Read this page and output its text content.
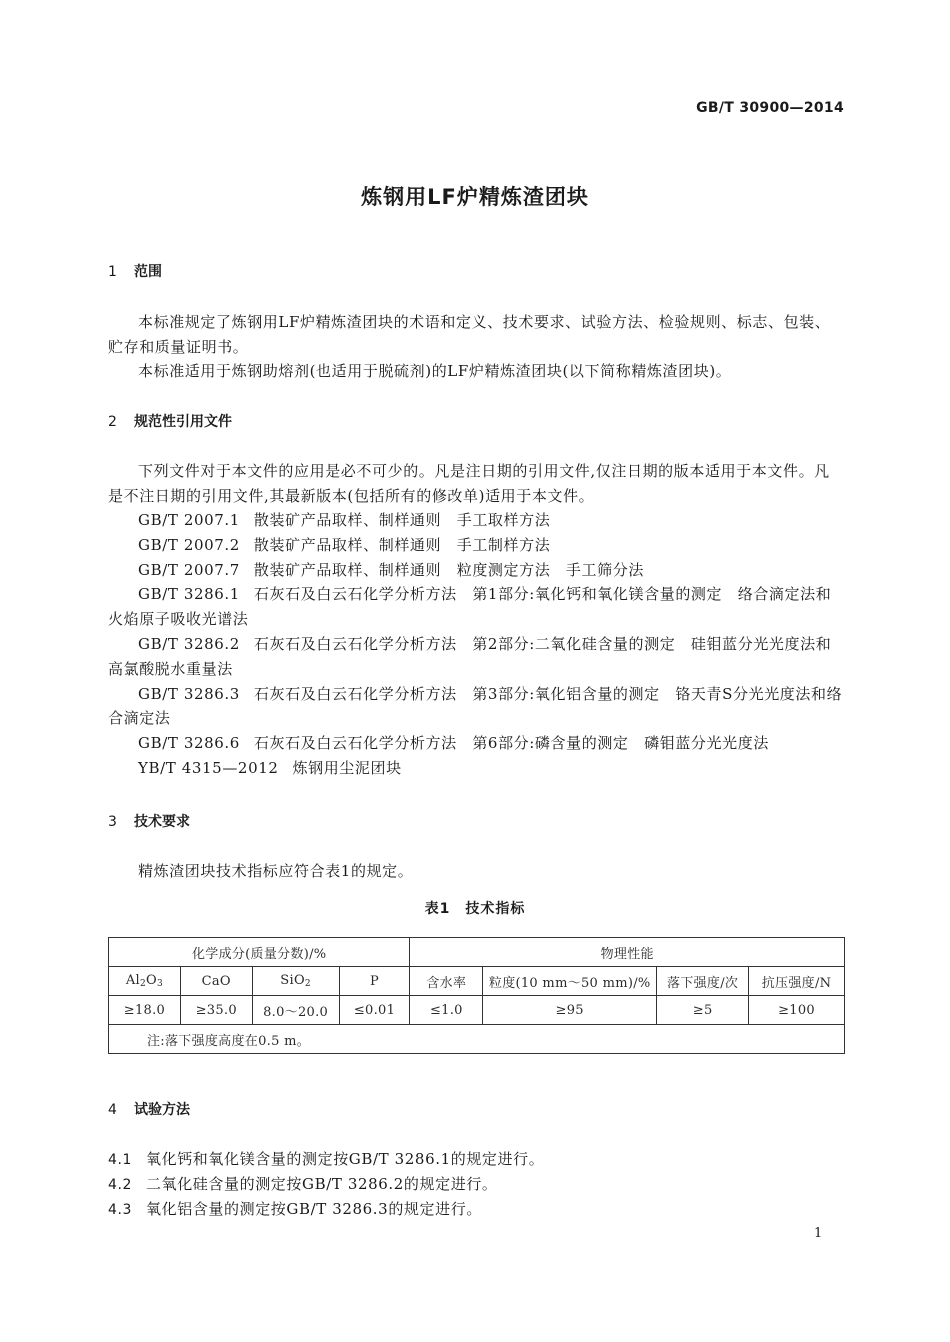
GB/T 30900—2014
炼钢用LF炉精炼渣团块
1 范围

本标准规定了炼钢用LF炉精炼渣团块的术语和定义、技术要求、试验方法、检验规则、标志、包装、贮存和质量证明书。

本标准适用于炼钢助熔剂(也适用于脱硫剂)的LF炉精炼渣团块(以下简称精炼渣团块)。

2 规范性引用文件

下列文件对于本文件的应用是必不可少的。凡是注日期的引用文件,仅注日期的版本适用于本文件。凡是不注日期的引用文件,其最新版本(包括所有的修改单)适用于本文件。

GB/T 2007.1 散装矿产品取样、制样通则　手工取样方法
GB/T 2007.2 散装矿产品取样、制样通则　手工制样方法
GB/T 2007.7 散装矿产品取样、制样通则　粒度测定方法　手工筛分法
GB/T 3286.1 石灰石及白云石化学分析方法　第1部分:氧化钙和氧化镁含量的测定　络合滴定法和火焰原子吸收光谱法
GB/T 3286.2 石灰石及白云石化学分析方法　第2部分:二氧化硅含量的测定　硅钼蓝分光光度法和高氯酸脱水重量法
GB/T 3286.3 石灰石及白云石化学分析方法　第3部分:氧化铝含量的测定　铬天青S分光光度法和络合滴定法
GB/T 3286.6 石灰石及白云石化学分析方法　第6部分:磷含量的测定　磷钼蓝分光光度法
YB/T 4315—2012 炼钢用尘泥团块
3 技术要求

精炼渣团块技术指标应符合表1的规定。

表1　技术指标
化学成分(质量分数)/%				物理性能			
$Al_2O_3$	CaO	SiO$_2$	P	含水率	粒度(10 mm～50 mm)/%	落下强度/次	抗压强度/N
≥18.0	≥35.0	8.0～20.0	≤0.01	≤1.0	≥95	≥5	≥100
注:落下强度高度在0.5 m。							
4 试验方法
4.1 氧化钙和氧化镁含量的测定按GB/T 3286.1的规定进行。
4.2 二氧化硅含量的测定按GB/T 3286.2的规定进行。
4.3 氧化铝含量的测定按GB/T 3286.3的规定进行。
1
